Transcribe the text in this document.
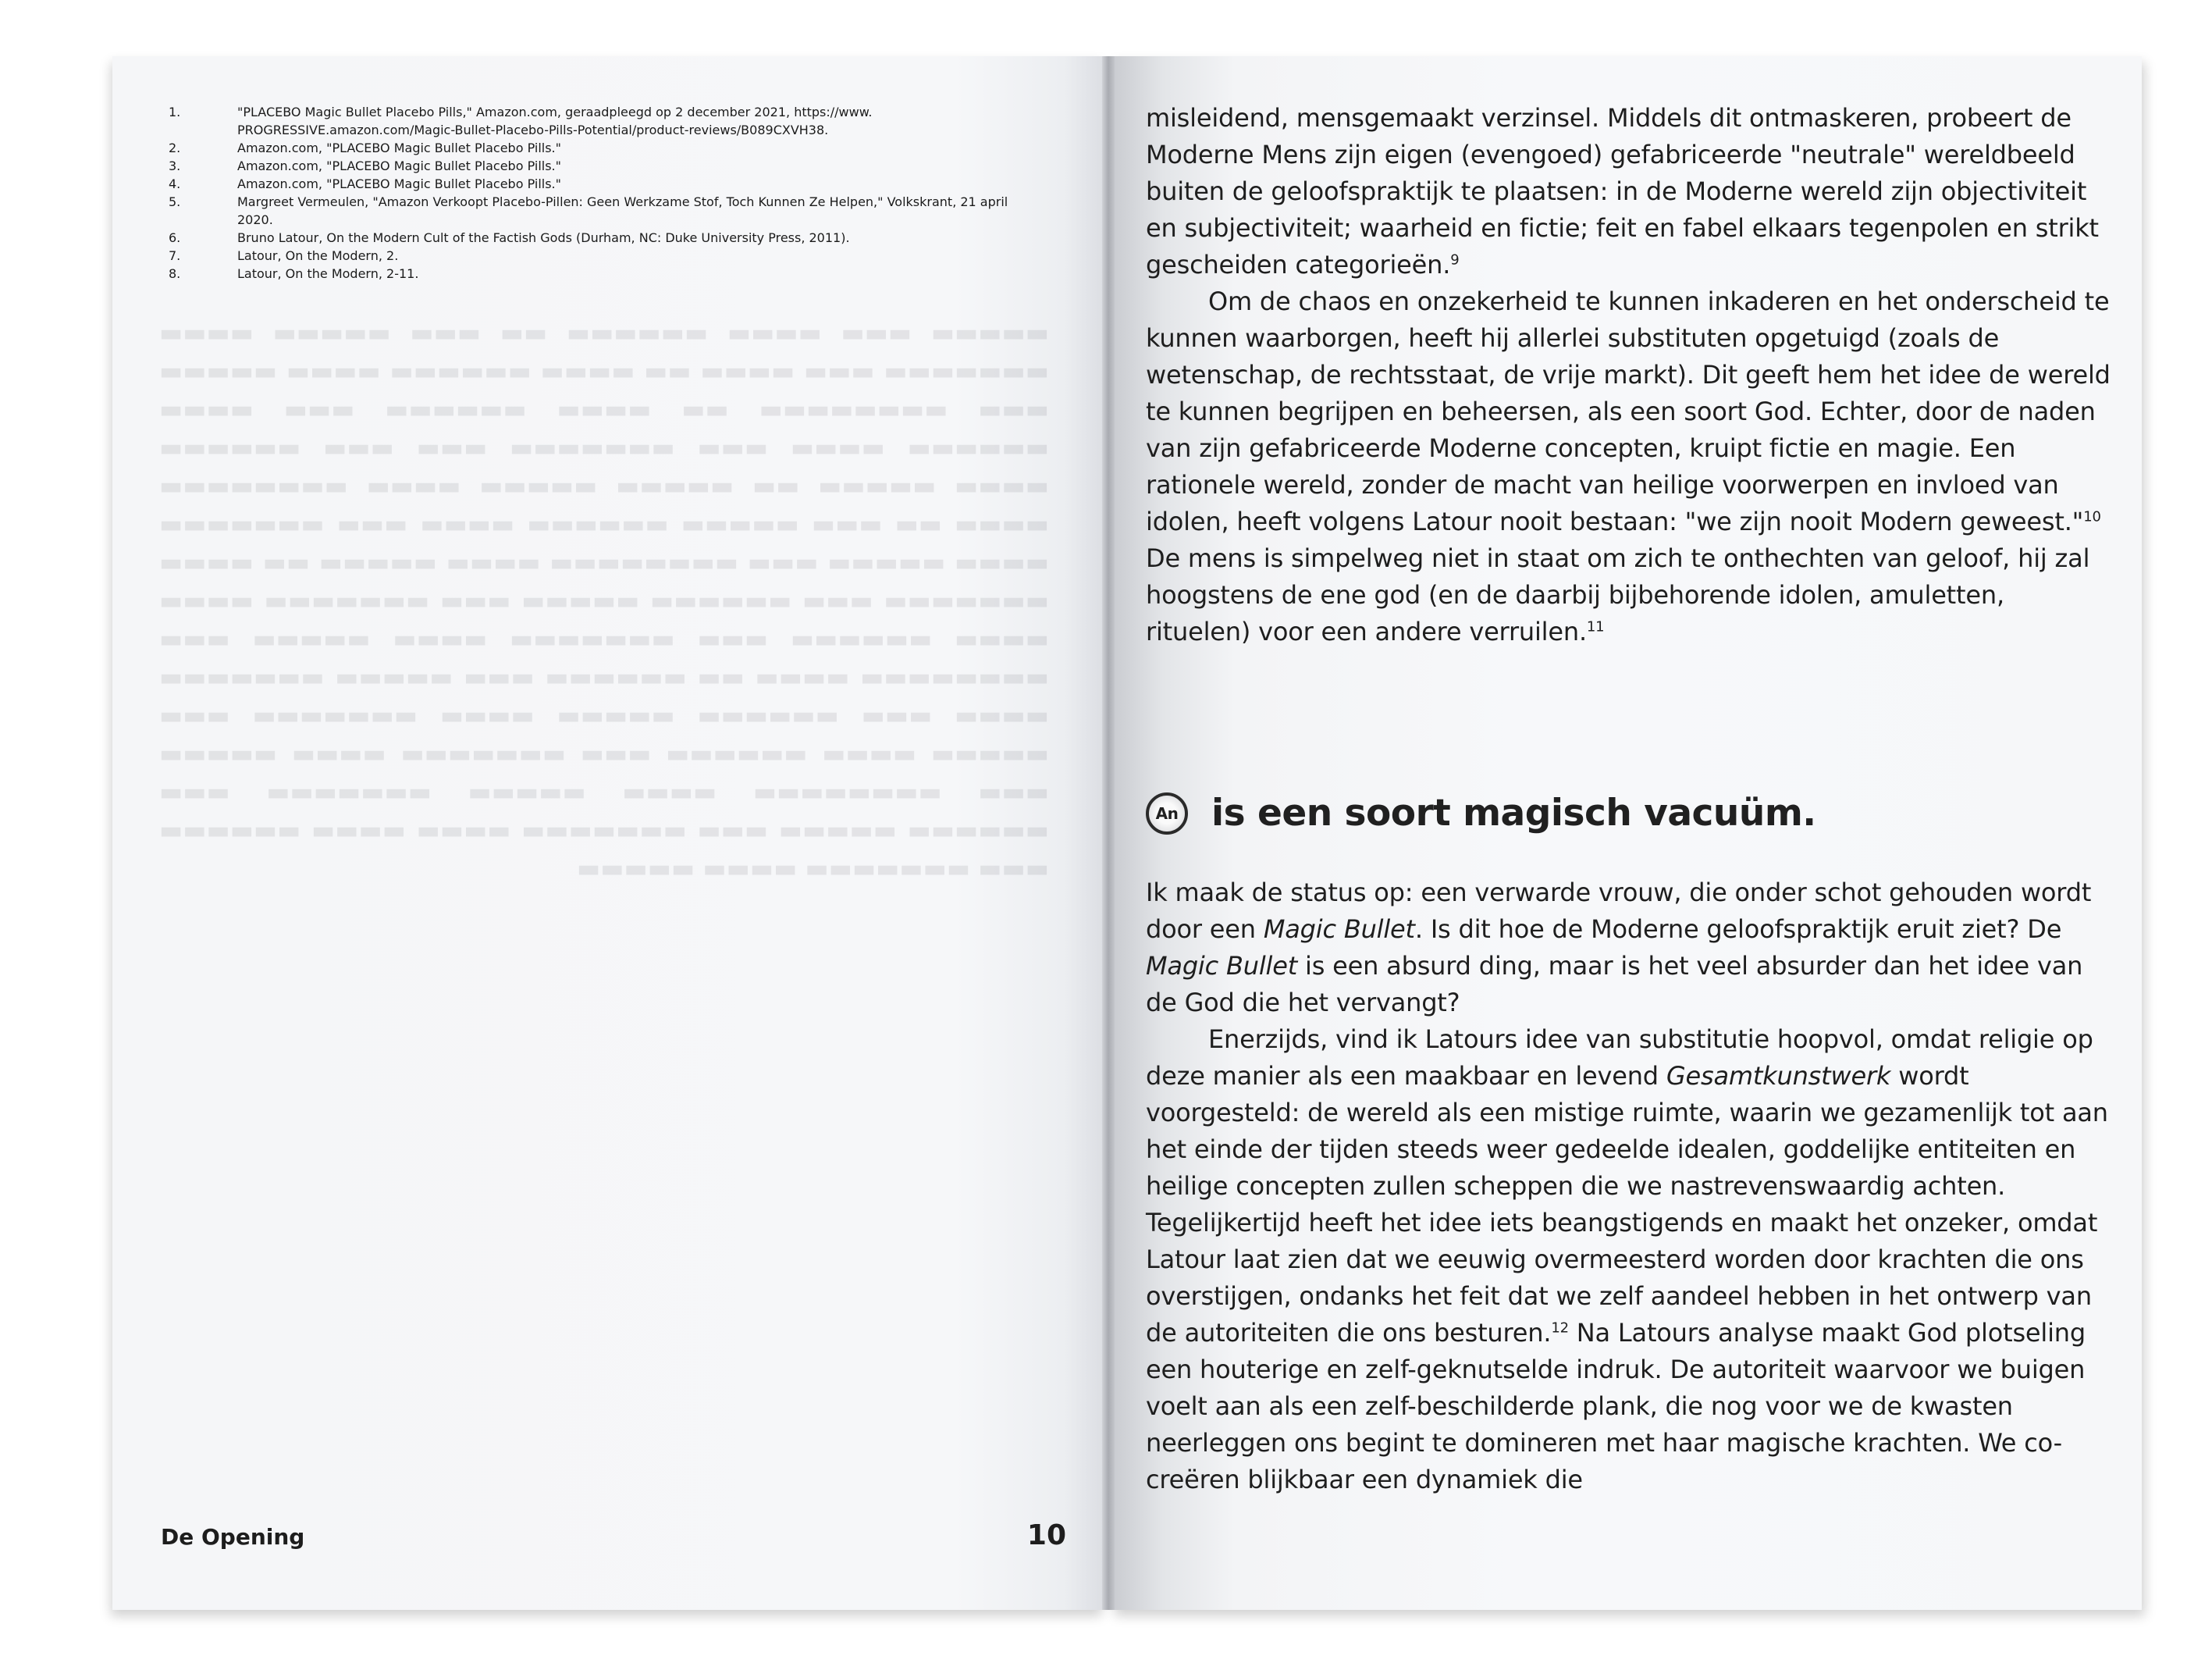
▬▬▬▬▬ ▬▬▬ ▬▬▬▬ ▬▬▬▬▬▬ ▬▬ ▬▬▬ ▬▬▬▬▬ ▬▬▬▬ ▬▬▬▬▬▬▬ ▬▬▬ ▬▬▬▬ ▬▬ ▬▬▬▬ ▬▬▬▬▬▬ ▬▬▬▬ ▬▬▬▬▬ ▬▬▬ ▬▬▬▬▬▬▬▬ ▬▬ ▬▬▬▬ ▬▬▬▬▬▬ ▬▬▬ ▬▬▬▬ ▬▬▬▬▬▬ ▬▬▬▬ ▬▬▬ ▬▬▬▬▬▬▬ ▬▬▬ ▬▬▬ ▬▬▬▬▬▬ ▬▬▬▬ ▬▬▬▬▬ ▬▬ ▬▬▬▬▬ ▬▬▬▬▬ ▬▬▬▬ ▬▬▬▬▬▬▬▬ ▬▬▬▬ ▬▬ ▬▬▬ ▬▬▬▬▬ ▬▬▬▬▬▬ ▬▬▬▬ ▬▬▬ ▬▬▬▬▬▬▬ ▬▬▬▬ ▬▬▬▬▬ ▬▬▬ ▬▬▬▬▬▬▬▬ ▬▬▬▬ ▬▬▬▬▬ ▬▬ ▬▬▬▬ ▬▬▬▬▬▬▬ ▬▬▬ ▬▬▬▬▬▬ ▬▬▬▬▬ ▬▬▬ ▬▬▬▬▬▬▬ ▬▬▬▬ ▬▬▬▬ ▬▬▬▬▬▬ ▬▬▬ ▬▬▬▬▬▬▬ ▬▬▬▬ ▬▬▬▬▬ ▬▬▬ ▬▬▬▬▬▬▬▬ ▬▬▬▬ ▬▬ ▬▬▬▬▬▬ ▬▬▬ ▬▬▬▬▬ ▬▬▬▬▬▬▬ ▬▬▬▬ ▬▬▬ ▬▬▬▬▬▬ ▬▬▬▬▬ ▬▬▬▬ ▬▬▬▬▬▬▬ ▬▬▬ ▬▬▬▬▬ ▬▬▬▬ ▬▬▬▬▬▬ ▬▬▬ ▬▬▬▬▬▬▬ ▬▬▬▬ ▬▬▬▬▬ ▬▬▬ ▬▬▬▬▬▬▬▬ ▬▬▬▬ ▬▬▬▬▬ ▬▬▬▬▬▬▬ ▬▬▬ ▬▬▬▬▬▬ ▬▬▬▬▬ ▬▬▬ ▬▬▬▬▬▬▬ ▬▬▬▬ ▬▬▬▬ ▬▬▬▬▬▬ ▬▬▬ ▬▬▬▬▬▬▬ ▬▬▬▬ ▬▬▬▬▬
1.	"PLACEBO Magic Bullet Placebo Pills," Amazon.com, geraadpleegd op 2 december 2021, https://www. PROGRESSIVE.amazon.com/Magic-Bullet-Placebo-Pills-Potential/product-reviews/B089CXVH38.
2.	Amazon.com, "PLACEBO Magic Bullet Placebo Pills."
3.	Amazon.com, "PLACEBO Magic Bullet Placebo Pills."
4.	Amazon.com, "PLACEBO Magic Bullet Placebo Pills."
5.	Margreet Vermeulen, "Amazon Verkoopt Placebo-Pillen: Geen Werkzame Stof, Toch Kunnen Ze Helpen," Volkskrant, 21 april 2020.
6.	Bruno Latour, On the Modern Cult of the Factish Gods (Durham, NC: Duke University Press, 2011).
7.	Latour, On the Modern, 2.
8.	Latour, On the Modern, 2-11.
De Opening	10

misleidend, mensgemaakt verzinsel. Middels dit ontmaskeren, probeert de Moderne Mens zijn eigen (evengoed) gefabriceerde "neutrale" wereldbeeld buiten de geloofspraktijk te plaatsen: in de Moderne wereld zijn objectiviteit en subjectiviteit; waarheid en fictie; feit en fabel elkaars tegenpolen en strikt gescheiden categorieën.$^9$

Om de chaos en onzekerheid te kunnen inkaderen en het onderscheid te kunnen waarborgen, heeft hij allerlei substituten opgetuigd (zoals de wetenschap, de rechtsstaat, de vrije markt). Dit geeft hem het idee de wereld te kunnen begrijpen en beheersen, als een soort God. Echter, door de naden van zijn gefabriceerde Moderne concepten, kruipt fictie en magie. Een rationele wereld, zonder de macht van heilige voorwerpen en invloed van idolen, heeft volgens Latour nooit bestaan: "we zijn nooit Modern geweest."$^{10}$ De mens is simpelweg niet in staat om zich te onthechten van geloof, hij zal hoogstens de ene god (en de daarbij bijbehorende idolen, amuletten, rituelen) voor een andere verruilen.$^{11}$

An is een soort magisch vacuüm.

Ik maak de status op: een verwarde vrouw, die onder schot gehouden wordt door een Magic Bullet. Is dit hoe de Moderne geloofspraktijk eruit ziet? De Magic Bullet is een absurd ding, maar is het veel absurder dan het idee van de God die het vervangt?

Enerzijds, vind ik Latours idee van substitutie hoopvol, omdat religie op deze manier als een maakbaar en levend Gesamtkunstwerk wordt voorgesteld: de wereld als een mistige ruimte, waarin we gezamenlijk tot aan het einde der tijden steeds weer gedeelde idealen, goddelijke entiteiten en heilige concepten zullen scheppen die we nastrevenswaardig achten. Tegelijkertijd heeft het idee iets beangstigends en maakt het onzeker, omdat Latour laat zien dat we eeuwig overmeesterd worden door krachten die ons overstijgen, ondanks het feit dat we zelf aandeel hebben in het ontwerp van de autoriteiten die ons besturen.$^{12}$ Na Latours analyse maakt God plotseling een houterige en zelf-geknutselde indruk. De autoriteit waarvoor we buigen voelt aan als een zelf-beschilderde plank, die nog voor we de kwasten neerleggen ons begint te domineren met haar magische krachten. We co-creëren blijkbaar een dynamiek die
